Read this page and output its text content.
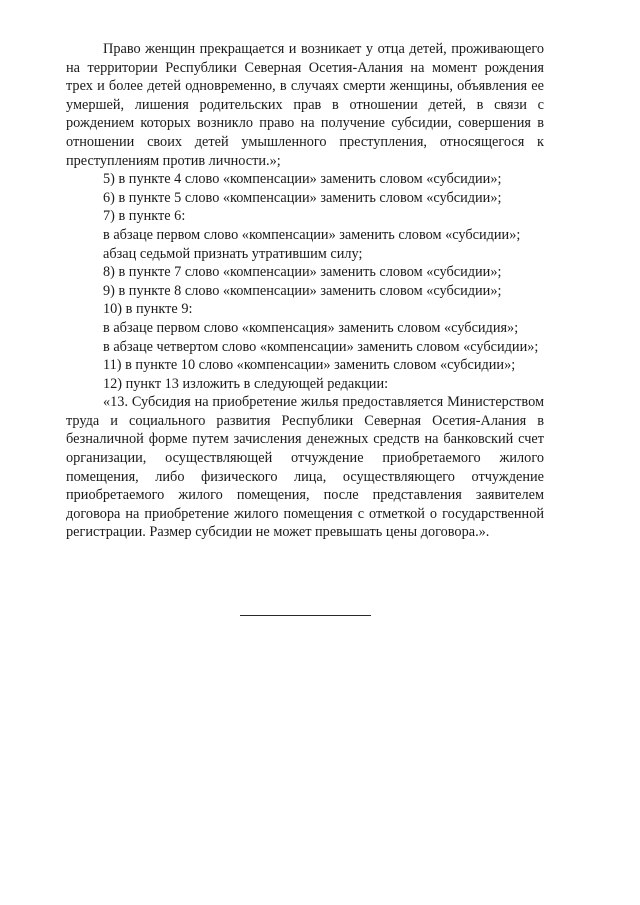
Право женщин прекращается и возникает у отца детей, проживающего на территории Республики Северная Осетия-Алания на момент рождения трех и более детей одновременно, в случаях смерти женщины, объявления ее умершей, лишения родительских прав в отношении детей, в связи с рождением которых возникло право на получение субсидии, совершения в отношении своих детей умышленного преступления, относящегося к преступлениям против личности.»;

5) в пункте 4 слово «компенсации» заменить словом «субсидии»;

6) в пункте 5 слово «компенсации» заменить словом «субсидии»;

7) в пункте 6:

в абзаце первом слово «компенсации» заменить словом «субсидии»;

абзац седьмой признать утратившим силу;

8) в пункте 7 слово «компенсации» заменить словом «субсидии»;

9) в пункте 8 слово «компенсации» заменить словом «субсидии»;

10) в пункте 9:

в абзаце первом слово «компенсация» заменить словом «субсидия»;

в абзаце четвертом слово «компенсации» заменить словом «субсидии»;

11) в пункте 10 слово «компенсации» заменить словом «субсидии»;

12) пункт 13 изложить в следующей редакции:

«13. Субсидия на приобретение жилья предоставляется Министерством труда и социального развития Республики Северная Осетия-Алания в безналичной форме путем зачисления денежных средств на банковский счет организации, осуществляющей отчуждение приобретаемого жилого помещения, либо физического лица, осуществляющего отчуждение приобретаемого жилого помещения, после представления заявителем договора на приобретение жилого помещения с отметкой о государственной регистрации. Размер субсидии не может превышать цены договора.».
